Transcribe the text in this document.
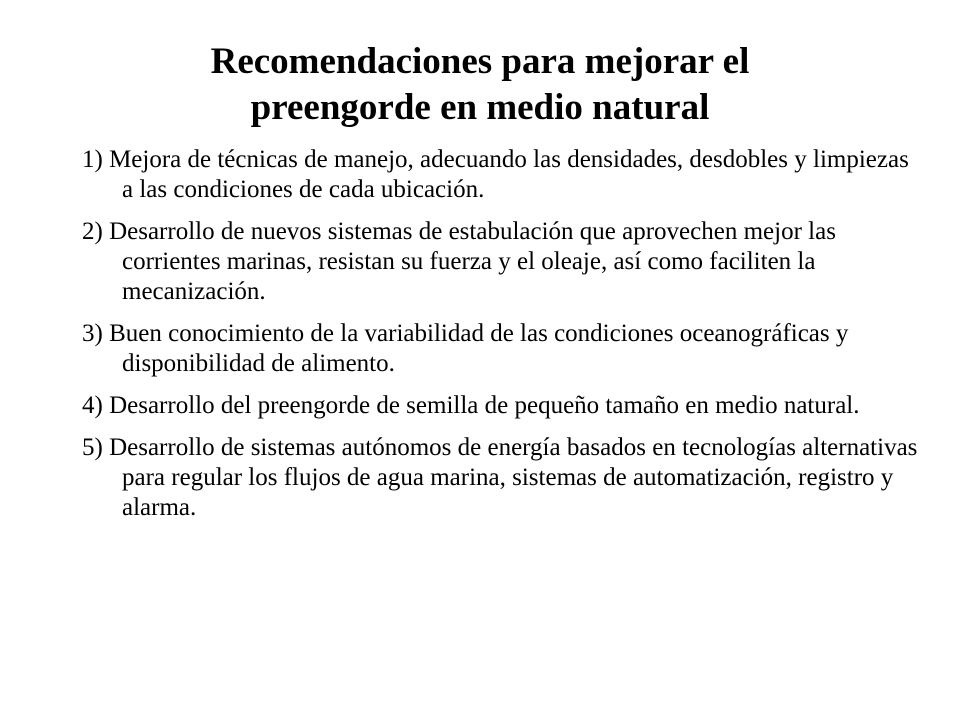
Recomendaciones para mejorar el
preengorde en medio natural
1) Mejora de técnicas de manejo, adecuando las densidades, desdobles y limpiezas a las condiciones de cada ubicación.
2) Desarrollo de nuevos sistemas de estabulación que aprovechen mejor las corrientes marinas, resistan su fuerza y el oleaje, así como faciliten la mecanización.
3) Buen conocimiento de la variabilidad de las condiciones oceanográficas y disponibilidad de alimento.
4) Desarrollo del preengorde de semilla de pequeño tamaño en medio natural.
5) Desarrollo de sistemas autónomos de energía basados en tecnologías alternativas para regular los flujos de agua marina, sistemas de automatización, registro y alarma.
